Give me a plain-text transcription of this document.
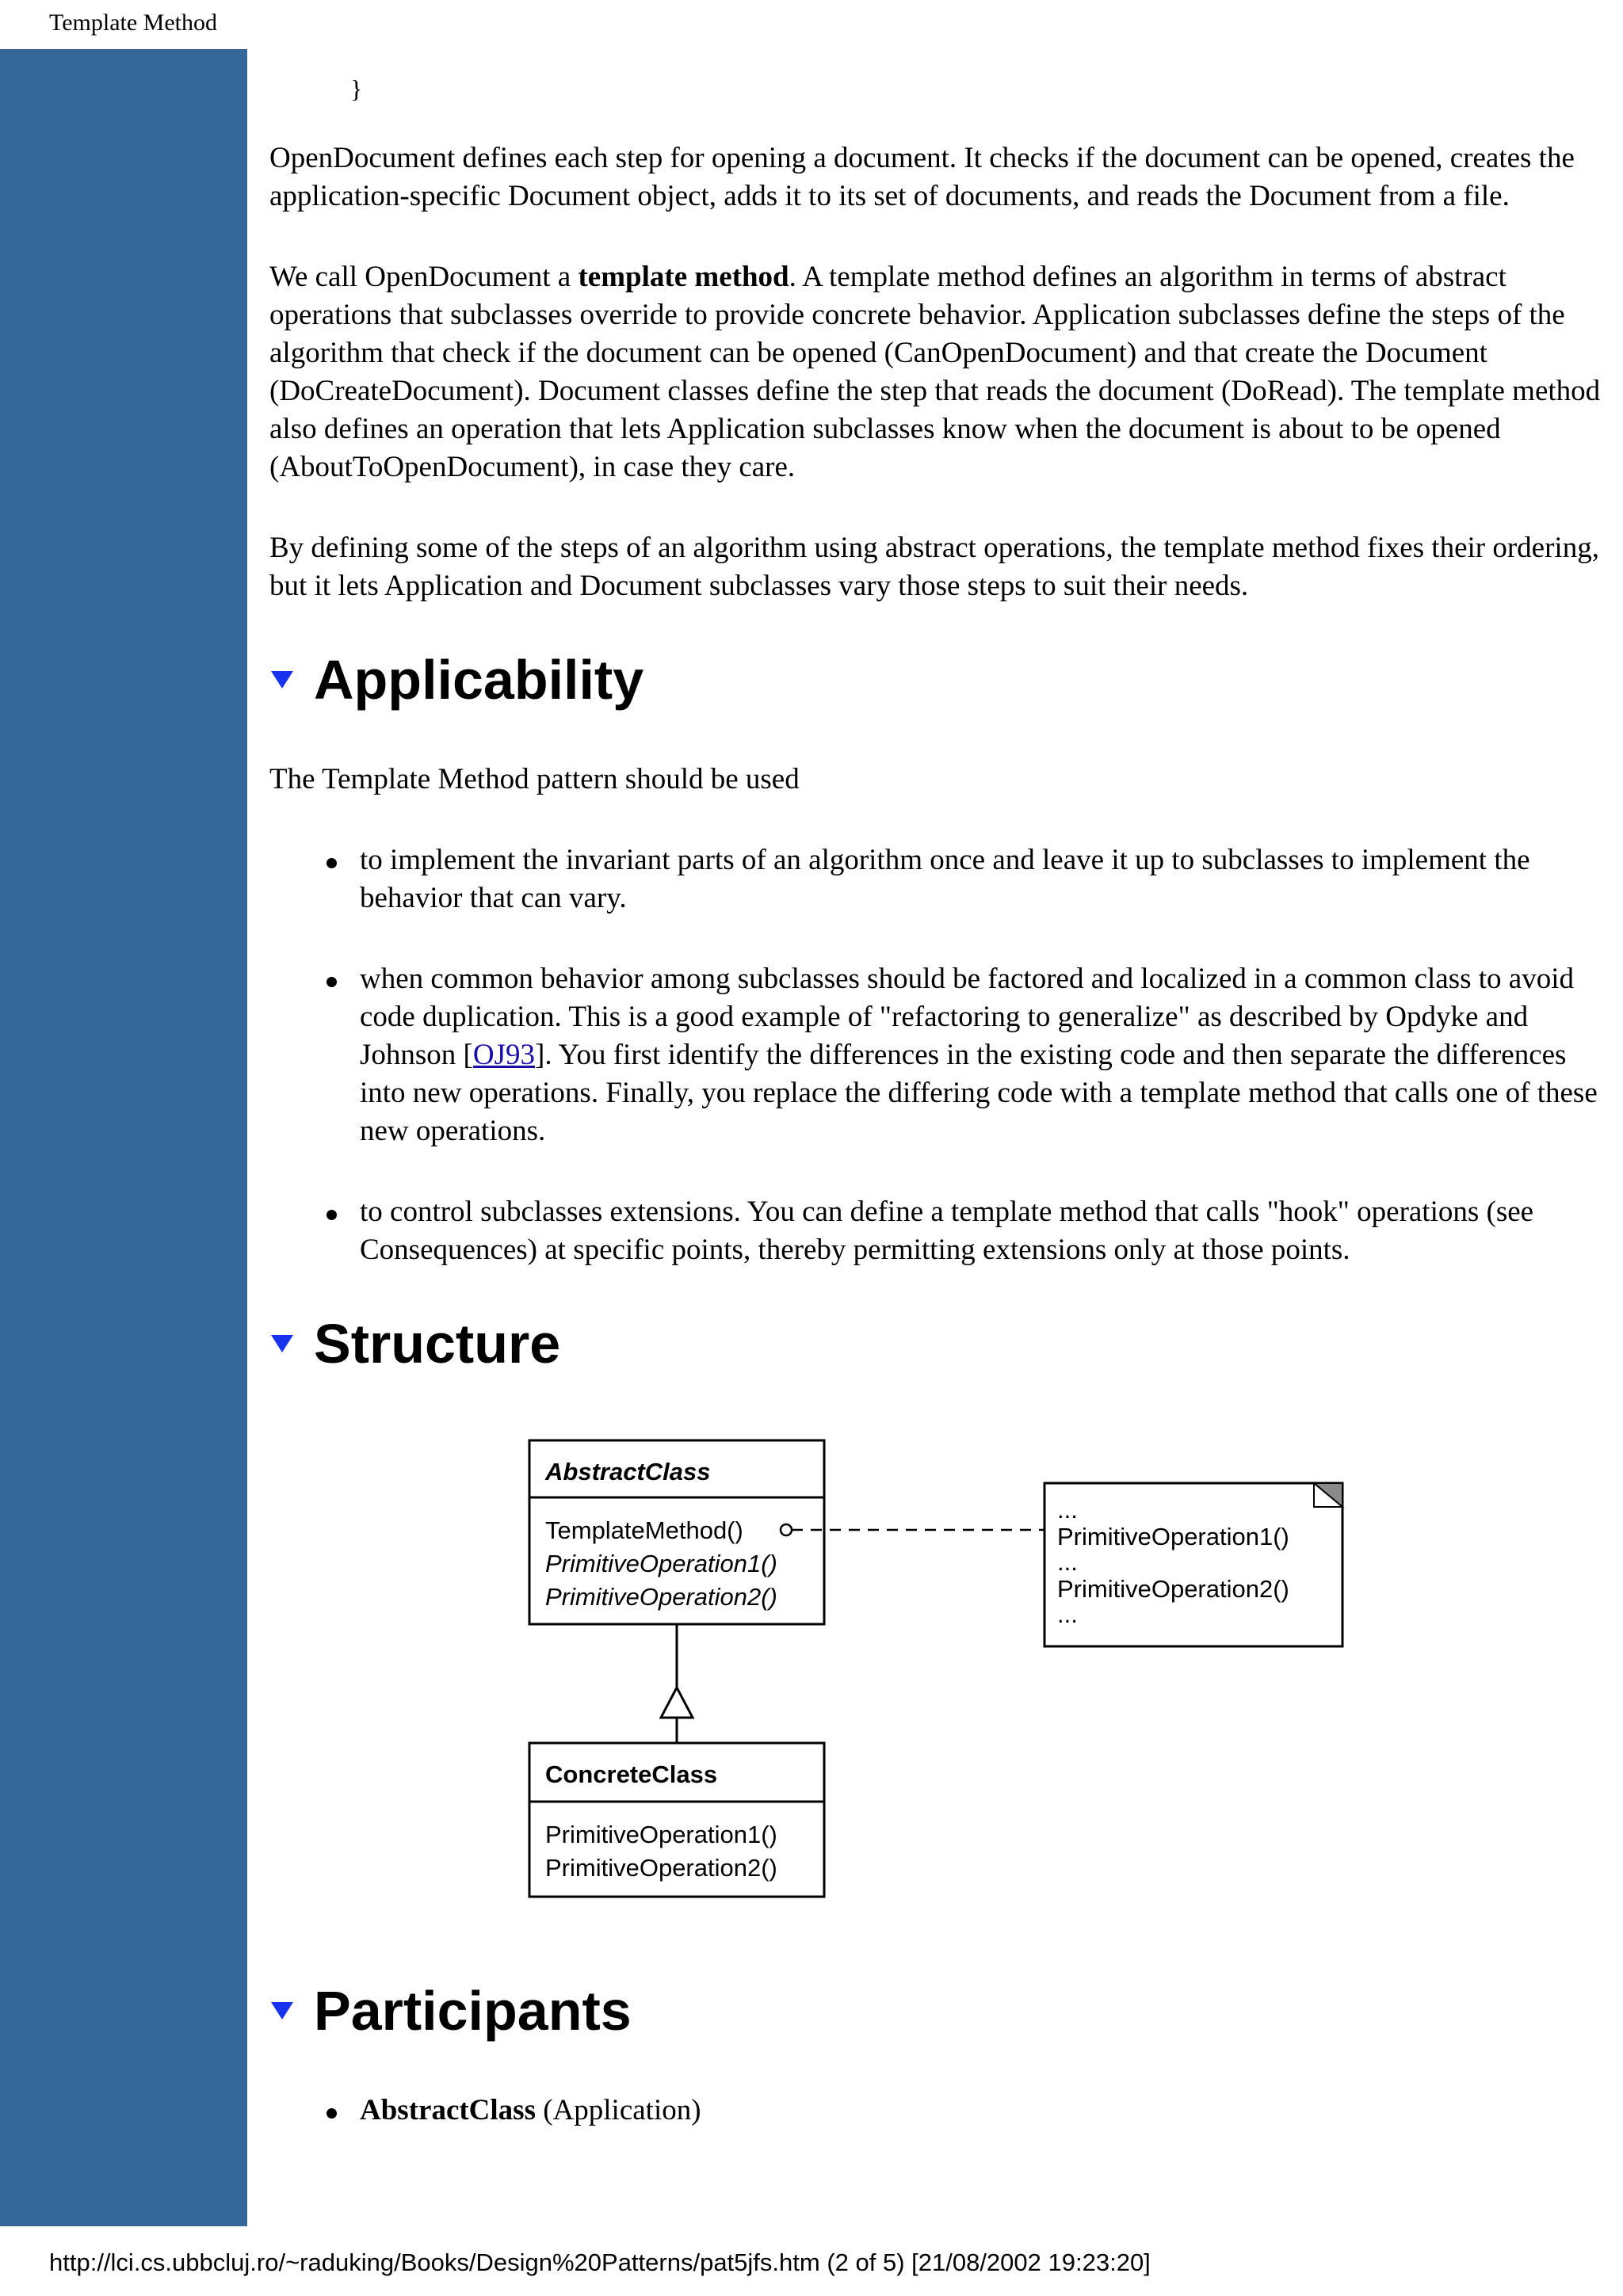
Template Method
}

OpenDocument defines each step for opening a document. It checks if the document can be opened, creates the application-specific Document object, adds it to its set of documents, and reads the Document from a file.

We call OpenDocument a template method. A template method defines an algorithm in terms of abstract operations that subclasses override to provide concrete behavior. Application subclasses define the steps of the algorithm that check if the document can be opened (CanOpenDocument) and that create the Document (DoCreateDocument). Document classes define the step that reads the document (DoRead). The template method also defines an operation that lets Application subclasses know when the document is about to be opened (AboutToOpenDocument), in case they care.

By defining some of the steps of an algorithm using abstract operations, the template method fixes their ordering, but it lets Application and Document subclasses vary those steps to suit their needs.

Applicability

The Template Method pattern should be used

to implement the invariant parts of an algorithm once and leave it up to subclasses to implement the behavior that can vary.
when common behavior among subclasses should be factored and localized in a common class to avoid code duplication. This is a good example of "refactoring to generalize" as described by Opdyke and Johnson [OJ93]. You first identify the differences in the existing code and then separate the differences into new operations. Finally, you replace the differing code with a template method that calls one of these new operations.
to control subclasses extensions. You can define a template method that calls "hook" operations (see Consequences) at specific points, thereby permitting extensions only at those points.
Structure
AbstractClass
TemplateMethod()
PrimitiveOperation1()
PrimitiveOperation2()
...
PrimitiveOperation1()
...
PrimitiveOperation2()
...
ConcreteClass
PrimitiveOperation1()
PrimitiveOperation2()
Participants
AbstractClass (Application)
http://lci.cs.ubbcluj.ro/~raduking/Books/Design%20Patterns/pat5jfs.htm (2 of 5) [21/08/2002 19:23:20]
